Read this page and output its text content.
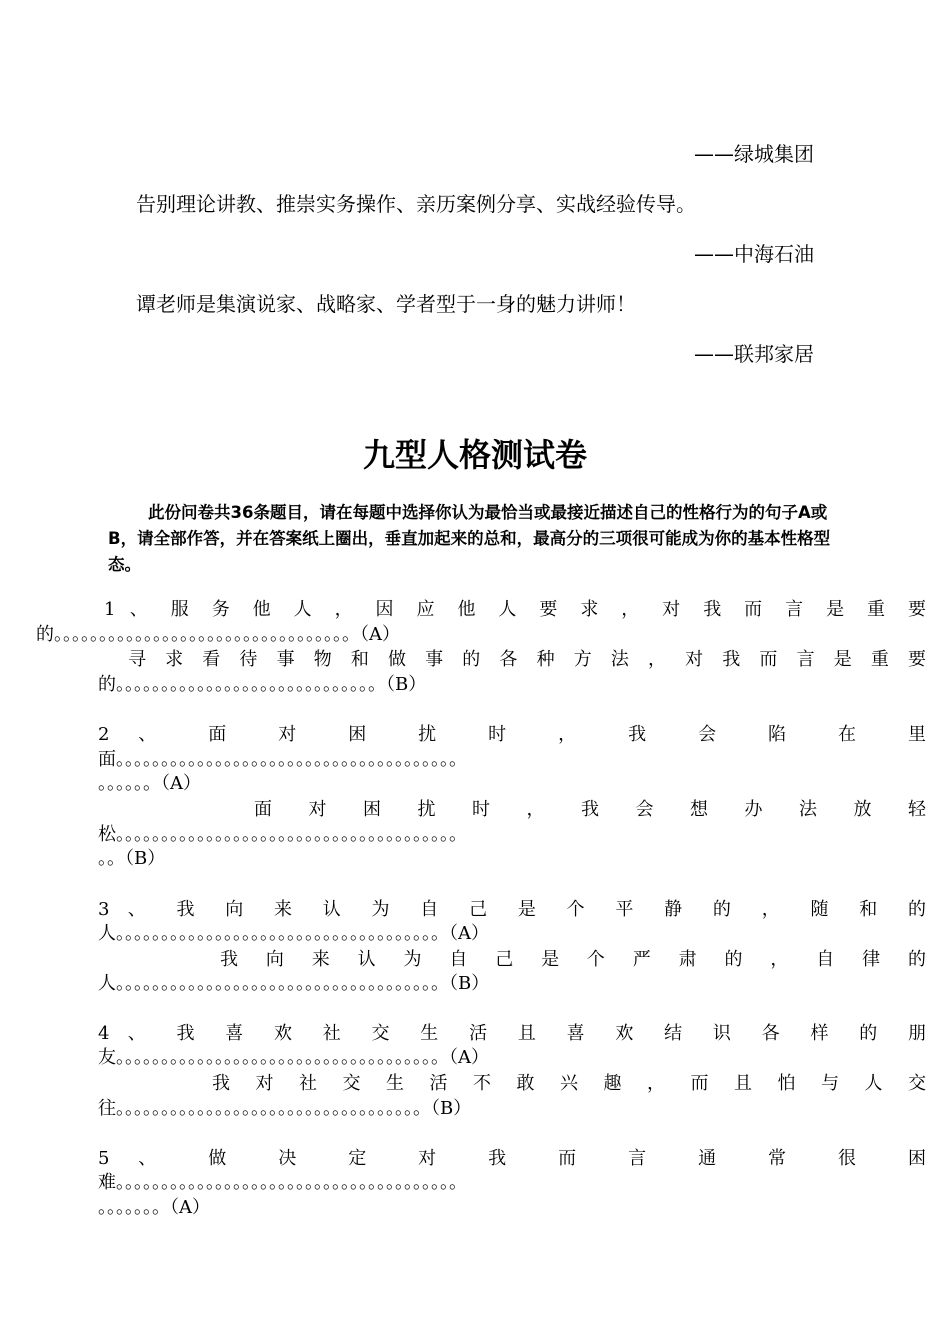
——绿城集团
告别理论讲教、推崇实务操作、亲历案例分享、实战经验传导。
——中海石油
谭老师是集演说家、战略家、学者型于一身的魅力讲师！
——联邦家居
九型人格测试卷
此份问卷共36条题目，请在每题中选择你认为最恰当或最接近描述自己的性格行为的句子A或B，请全部作答，并在答案纸上圈出，垂直加起来的总和，最高分的三项很可能成为你的基本性格型态。
1 、 服 务 他 人 ， 因 应 他 人 要 求 ， 对 我 而 言 是 重 要
的。。。。。。。。。。。。。。。。。。。。。。。。。。。。。。。。。（A）
寻 求 看 待 事 物 和 做 事 的 各 种 方 法 ， 对 我 而 言 是 重 要
的。。。。。。。。。。。。。。。。。。。。。。。。。。。。。（B）
2 、 面 对 困 扰 时 ， 我 会 陷 在 里
面。。。。。。。。。。。。。。。。。。。。。。。。。。。。。。。。。。。。。。
。。。。。。（A）
面 对 困 扰 时 ， 我 会 想 办 法 放 轻
松。。。。。。。。。。。。。。。。。。。。。。。。。。。。。。。。。。。。。。
。。（B）
3 、 我 向 来 认 为 自 己 是 个 平 静 的 ， 随 和 的
人。。。。。。。。。。。。。。。。。。。。。。。。。。。。。。。。。。。。（A）
我 向 来 认 为 自 己 是 个 严 肃 的 ， 自 律 的
人。。。。。。。。。。。。。。。。。。。。。。。。。。。。。。。。。。。。（B）
4 、 我 喜 欢 社 交 生 活 且 喜 欢 结 识 各 样 的 朋
友。。。。。。。。。。。。。。。。。。。。。。。。。。。。。。。。。。。。（A）
我 对 社 交 生 活 不 敢 兴 趣 ， 而 且 怕 与 人 交
往。。。。。。。。。。。。。。。。。。。。。。。。。。。。。。。。。。（B）
5 、 做 决 定 对 我 而 言 通 常 很 困
难。。。。。。。。。。。。。。。。。。。。。。。。。。。。。。。。。。。。。。
。。。。。。。（A）
